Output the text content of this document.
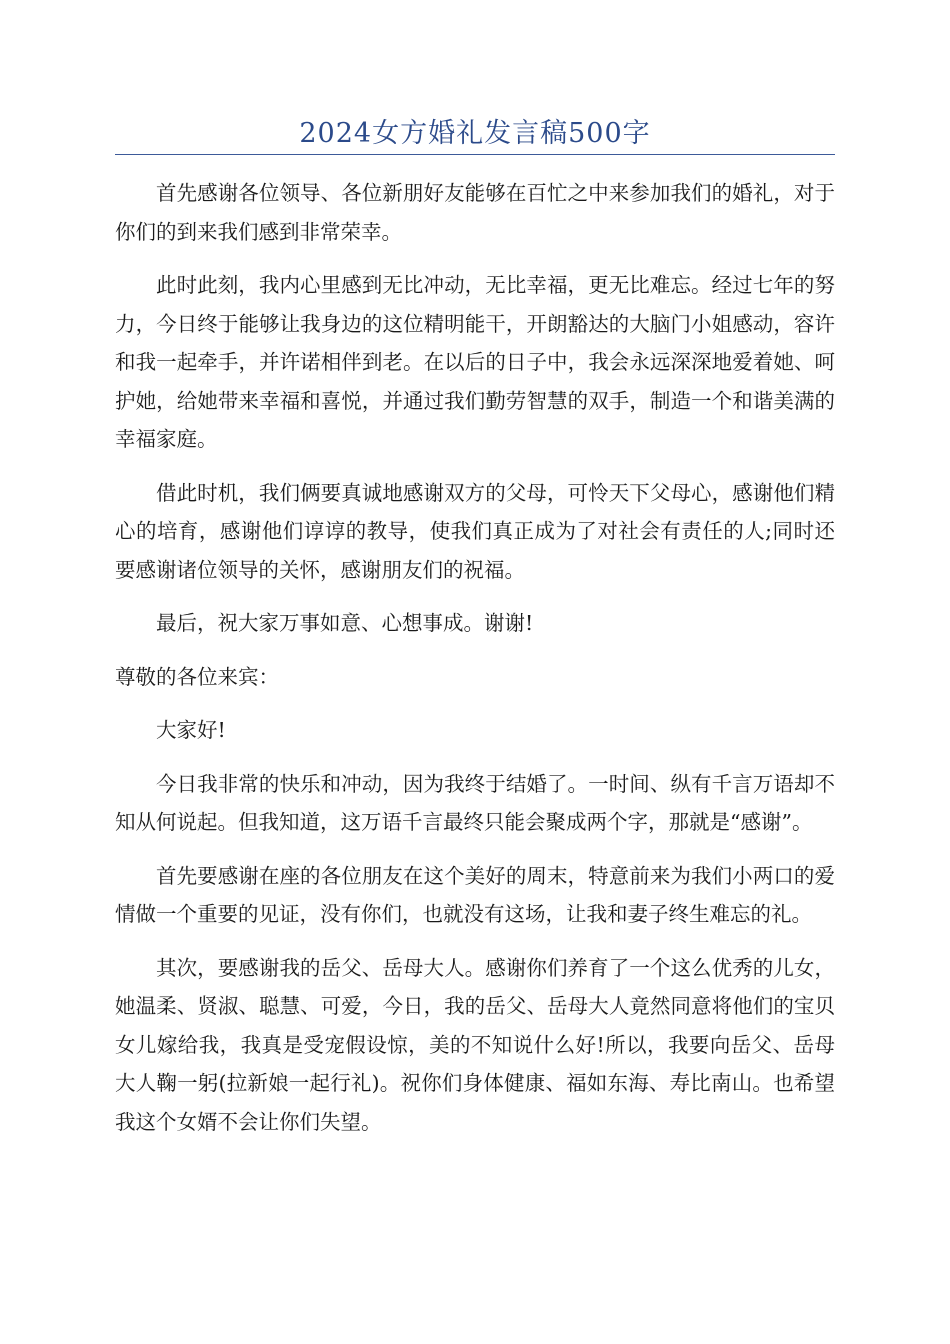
2024女方婚礼发言稿500字

首先感谢各位领导、各位新朋好友能够在百忙之中来参加我们的婚礼，对于你们的到来我们感到非常荣幸。

此时此刻，我内心里感到无比冲动，无比幸福，更无比难忘。经过七年的努力，今日终于能够让我身边的这位精明能干，开朗豁达的大脑门小姐感动，容许和我一起牵手，并许诺相伴到老。在以后的日子中，我会永远深深地爱着她、呵护她，给她带来幸福和喜悦，并通过我们勤劳智慧的双手，制造一个和谐美满的幸福家庭。

借此时机，我们俩要真诚地感谢双方的父母，可怜天下父母心，感谢他们精心的培育，感谢他们谆谆的教导，使我们真正成为了对社会有责任的人;同时还要感谢诸位领导的关怀，感谢朋友们的祝福。

最后，祝大家万事如意、心想事成。谢谢!

尊敬的各位来宾：

大家好!

今日我非常的快乐和冲动，因为我终于结婚了。一时间、纵有千言万语却不知从何说起。但我知道，这万语千言最终只能会聚成两个字，那就是“感谢”。

首先要感谢在座的各位朋友在这个美好的周末，特意前来为我们小两口的爱情做一个重要的见证，没有你们，也就没有这场，让我和妻子终生难忘的礼。

其次，要感谢我的岳父、岳母大人。感谢你们养育了一个这么优秀的儿女，她温柔、贤淑、聪慧、可爱，今日，我的岳父、岳母大人竟然同意将他们的宝贝女儿嫁给我，我真是受宠假设惊，美的不知说什么好!所以，我要向岳父、岳母大人鞠一躬(拉新娘一起行礼)。祝你们身体健康、福如东海、寿比南山。也希望我这个女婿不会让你们失望。
